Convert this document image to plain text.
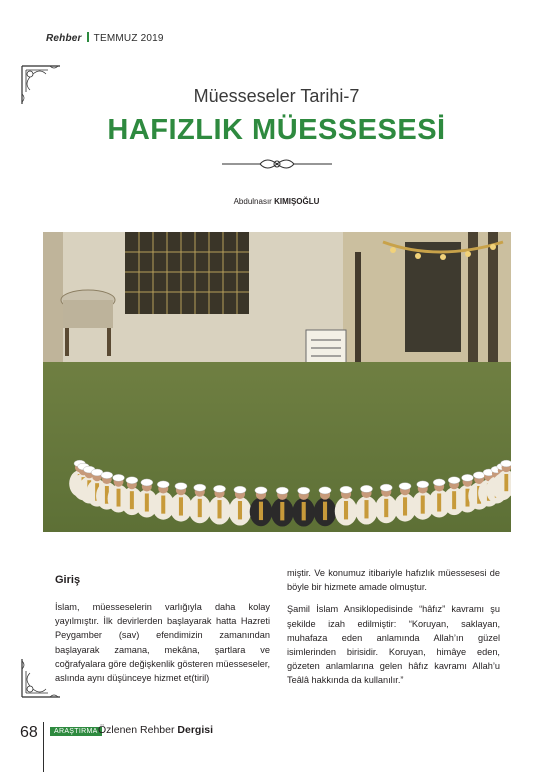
Rehber TEMMUZ 2019
Müesseseler Tarihi-7
HAFIZLIK MÜESSESESİ
Abdulnasır KIMIŞOĞLU
Giriş

İslam, müesseselerin varlığıyla daha kolay yayılmıştır. İlk devirlerden başlayarak hatta Hazreti Peygamber (sav) efendimizin zamanından başlayarak zamana, mekâna, şartlara ve coğrafyalara göre değişkenlik gösteren müesseseler, aslında aynı düşünceye hizmet et(tiril)

miştir. Ve konumuz itibariyle hafızlık müessesesi de böyle bir hizmete amade olmuştur.

Şamil İslam Ansiklopedisinde “hâfız” kavramı şu şekilde izah edilmiştir: “Koruyan, saklayan, muhafaza eden anlamında Allah’ın güzel isimlerinden birisidir. Koruyan, himâye eden, gözeten anlamlarına gelen hâfız kavramı Allah’u Teâlâ hakkında da kullanılır.”

68	ARAŞTIRMA Özlenen Rehber Dergisi
